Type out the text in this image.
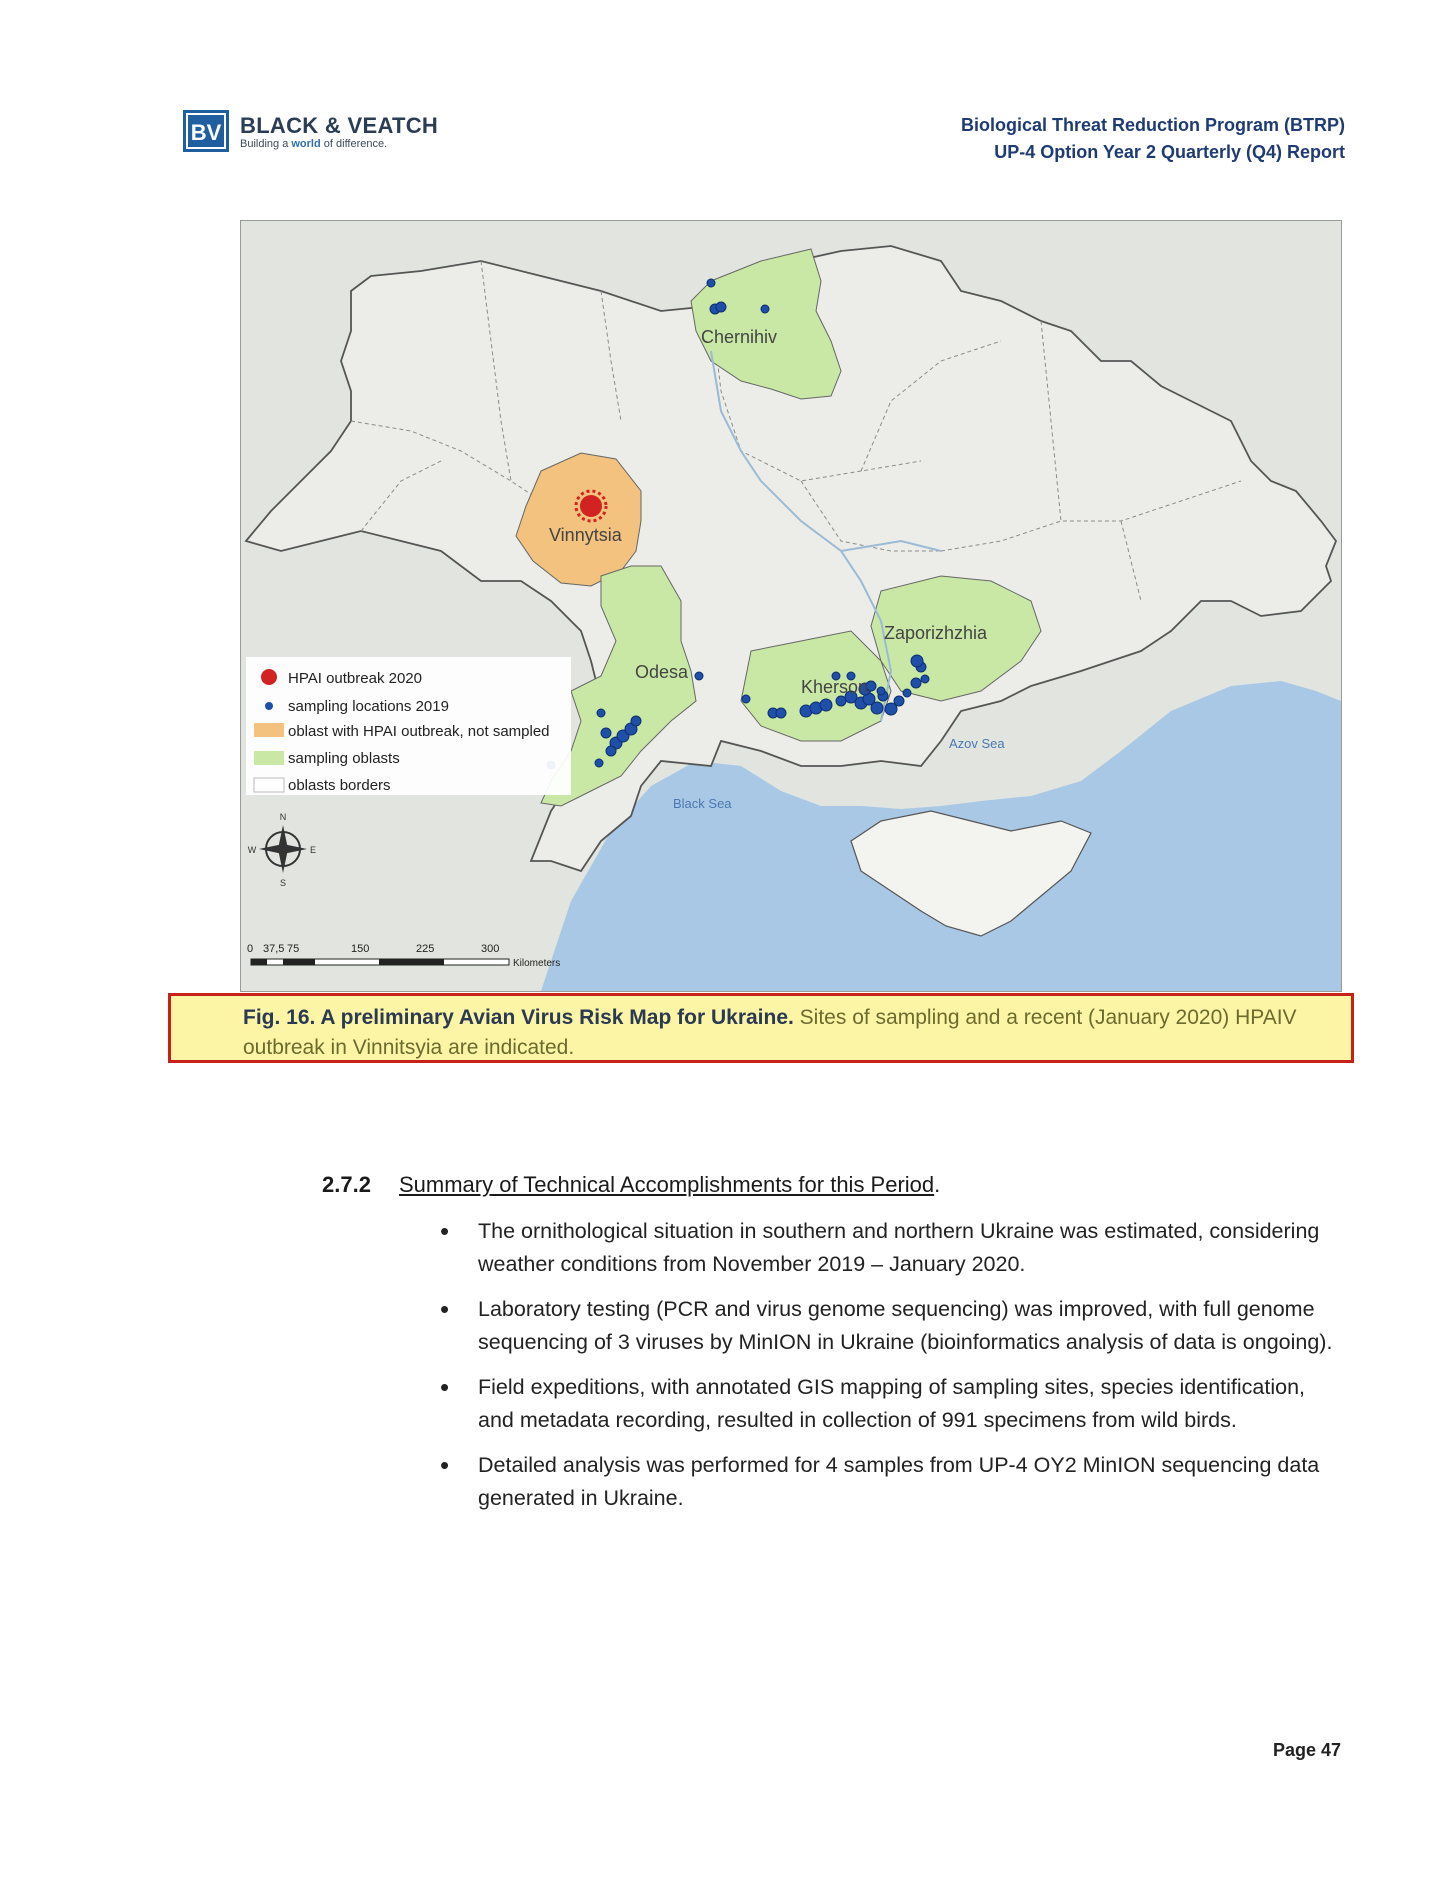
BV BLACK & VEATCH
Building a world of difference.
Biological Threat Reduction Program (BTRP)
UP-4 Option Year 2 Quarterly (Q4) Report
Chernihiv
Vinnytsia
Odesa
Kherson
Zaporizhzhia
Black Sea
Azov Sea
HPAI outbreak 2020
sampling locations 2019
oblast with HPAI outbreak, not sampled
sampling oblasts
oblasts borders
N
S
E
W
0 37,5 75	150	225	300
Kilometers
Fig. 16. A preliminary Avian Virus Risk Map for Ukraine. Sites of sampling and a recent (January 2020) HPAIV outbreak in Vinnitsyia are indicated.
2.7.2 Summary of Technical Accomplishments for this Period.
• The ornithological situation in southern and northern Ukraine was estimated, considering weather conditions from November 2019 – January 2020.
• Laboratory testing (PCR and virus genome sequencing) was improved, with full genome sequencing of 3 viruses by MinION in Ukraine (bioinformatics analysis of data is ongoing).
• Field expeditions, with annotated GIS mapping of sampling sites, species identification, and metadata recording, resulted in collection of 991 specimens from wild birds.
• Detailed analysis was performed for 4 samples from UP-4 OY2 MinION sequencing data generated in Ukraine.
Page 47
